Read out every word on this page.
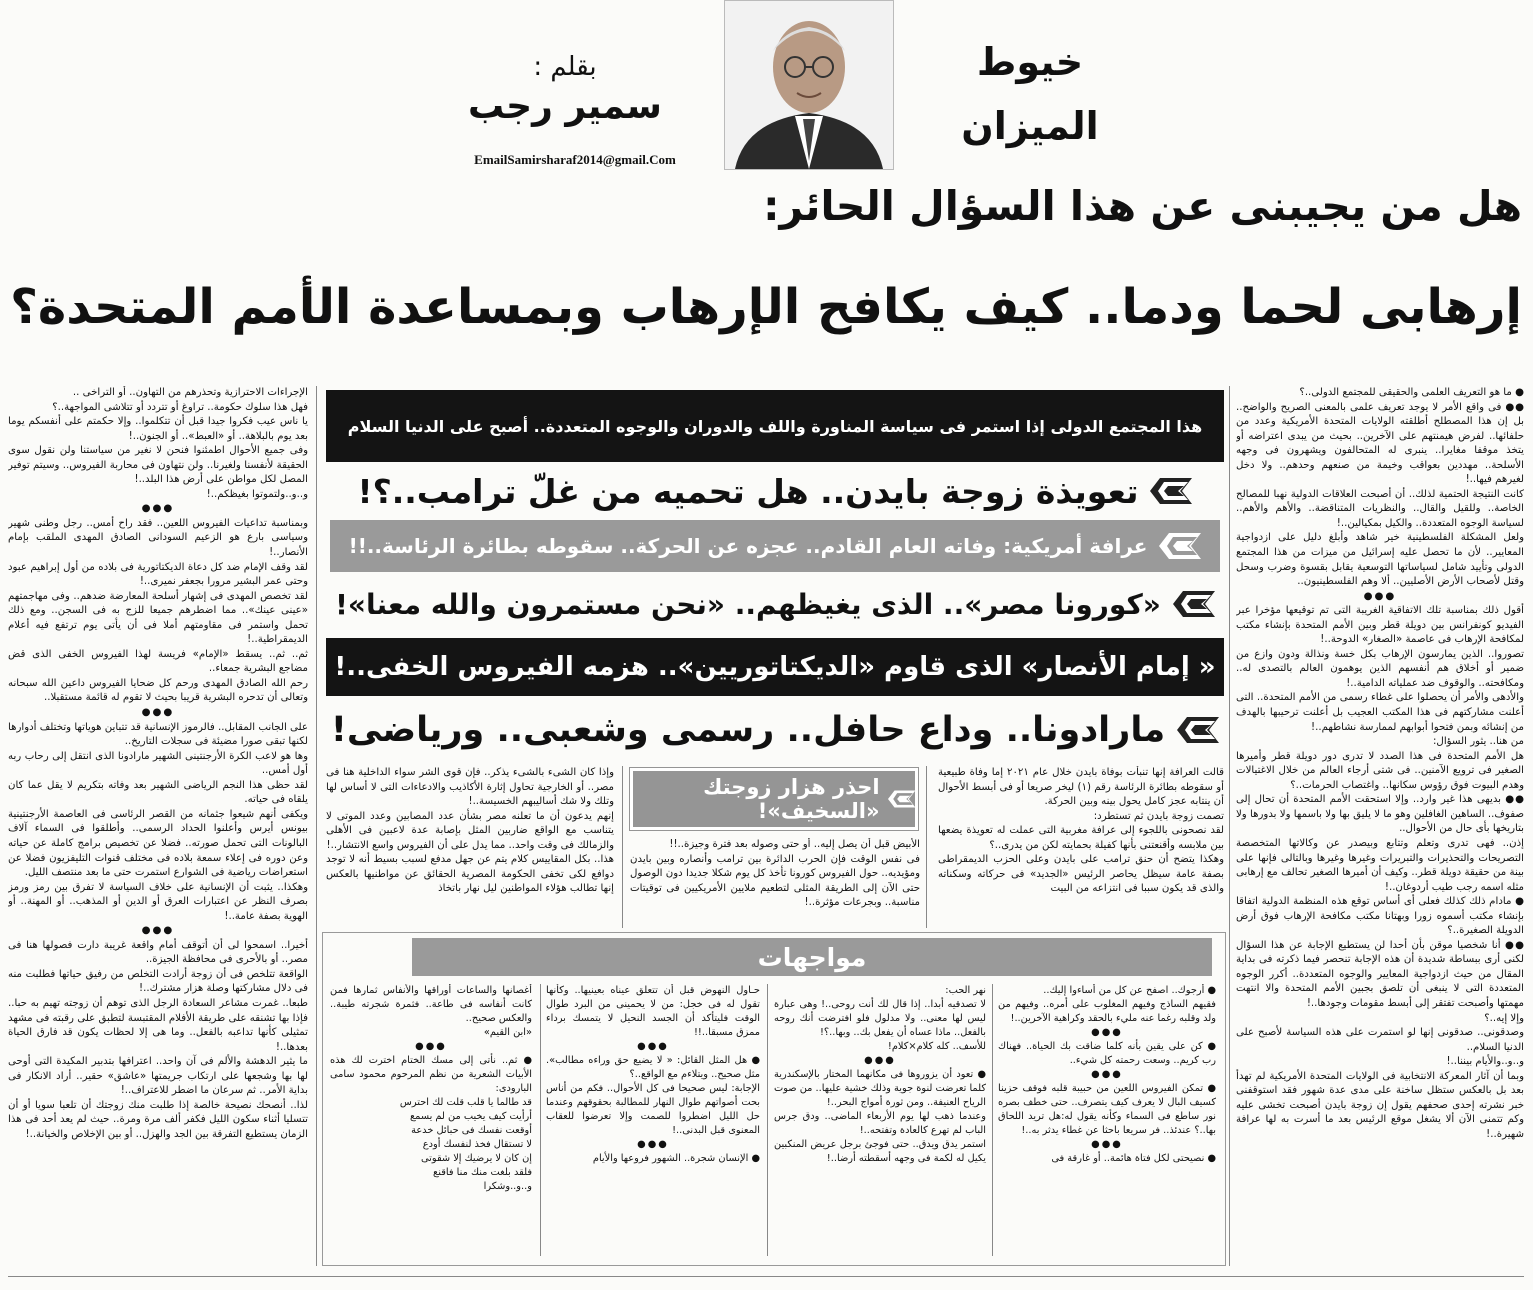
خيوط
الميزان
بقلم :
سمير رجب
EmailSamirsharaf2014@gmail.Com
هل من يجيبنى عن هذا السؤال الحائر:
إرهابى لحما ودما.. كيف يكافح الإرهاب وبمساعدة الأمم المتحدة؟

● ما هو التعريف العلمى والحقيقى للمجتمع الدولى..؟

●● فى واقع الأمر لا يوجد تعريف علمى بالمعنى الصريح والواضح.. بل إن هذا المصطلح أطلقته الولايات المتحدة الأمريكية وعدد من حلفائها.. لفرض هيمنتهم على الآخرين.. بحيث من يبدى اعتراضه أو يتخذ موقفا مغايرا.. ينبرى له المتحالفون ويشهرون فى وجهه الأسلحة.. مهددين بعواقب وخيمة من صنعهم وحدهم.. ولا دخل لغيرهم فيها..!

كانت النتيجة الحتمية لذلك.. أن أصبحت العلاقات الدولية نهبا للمصالح الخاصة.. وللقيل والقال.. والنظريات المتناقضة.. والأهم والأهم.. لسياسة الوجوه المتعددة.. والكيل بمكيالين..!

ولعل المشكلة الفلسطينية خير شاهد وأبلغ دليل على ازدواجية المعايير.. لأن ما تحصل عليه إسرائيل من ميزات من هذا المجتمع الدولى وتأييد شامل لسياساتها التوسعية يقابل بقسوة وضرب وسحل وقتل لأصحاب الأرض الأصليين.. ألا وهم الفلسطينيون..

●●●

أقول ذلك بمناسبة تلك الاتفاقية الغريبة التى تم توقيعها مؤخرا عبر الفيديو كونفرانس بين دويلة قطر وبين الأمم المتحدة بإنشاء مكتب لمكافحة الإرهاب فى عاصمة «الصغار» الدوحة..!

تصوروا.. الذين يمارسون الإرهاب بكل خسة ونذالة ودون وازع من ضمير أو أخلاق هم أنفسهم الذين يوهمون العالم بالتصدى له.. ومكافحته.. والوقوف ضد عملياته الدامية..!

والأدهى والأمر أن يحصلوا على غطاء رسمى من الأمم المتحدة.. التى أعلنت مشاركتهم فى هذا المكتب العجيب بل أعلنت ترحيبها بالهدف من إنشائه وبمن فتحوا أبوابهم لممارسة نشاطهم..!

من هنا.. يثور السؤال:

هل الأمم المتحدة فى هذا الصدد لا تدرى دور دويلة قطر وأميرها الصغير فى ترويع الآمنين.. فى شتى أرجاء العالم من خلال الاغتيالات وهدم البيوت فوق رؤوس سكانها.. واغتصاب الحرمات..؟

●● بديهى هذا غير وارد.. وإلا استحقت الأمم المتحدة أن تحال إلى صفوف.. الساهين الغافلين وهو ما لا يليق بها ولا باسمها ولا بدورها ولا بتاريخها بأى حال من الأحوال..

إذن.. فهى تدرى وتعلم وتتابع وبيصدر عن وكالاتها المتخصصة التصريحات والتحذيرات والتبريرات وغيرها وغيرها وبالتالى فإنها على بينة من حقيقة دويلة قطر.. وكيف أن أميرها الصغير تحالف مع إرهابى مثله اسمه رجب طيب أردوغان..!

● مادام ذلك كذلك فعلى أى أساس توقع هذه المنظمة الدولية اتفاقا بإنشاء مكتب أسموه زورا وبهتانا مكتب مكافحة الإرهاب فوق أرض الدويلة الصغيرة..؟

●● أنا شخصيا موقن بأن أحدا لن يستطيع الإجابة عن هذا السؤال لكنى أرى ببساطة شديدة أن هذه الإجابة تنحصر فيما ذكرته فى بداية المقال من حيث ازدواجية المعايير والوجوه المتعددة.. أكرر الوجوه المتعددة التى لا ينبغى أن تلصق بجبين الأمم المتحدة والا انتهت مهمتها وأصبحت تفتقر إلى أبسط مقومات وجودها..!

وإلا إيه..؟

وصدقونى.. صدقونى إنها لو استمرت على هذه السياسة لأصبح على الدنيا السلام..

و..و..والأيام بيننا..!

وبما أن آثار المعركة الانتخابية فى الولايات المتحدة الأمريكية لم تهدأ بعد بل بالعكس ستظل ساخنة على مدى عدة شهور فقد استوقفنى خبر نشرته إحدى صحفهم يقول إن زوجة بايدن أصبحت تخشى عليه وكم تتمنى الآن ألا يشغل موقع الرئيس بعد ما أسرت به لها عرافة شهيرة..!

الإجراءات الاحترازية وتحذرهم من التهاون.. أو التراخى ..

فهل هذا سلوك حكومة.. تراوغ أو تتردد أو تتلاشى المواجهة..؟

يا ناس عيب فكروا جيدا قبل أن تتكلموا.. وإلا حكمتم على أنفسكم يوما بعد يوم بالبلاهة.. أو «العبط».. أو الجنون..!

وفى جميع الأحوال اطمئنوا فنحن لا نغير من سياستنا ولن نقول سوى الحقيقة لأنفسنا ولغيرنا.. ولن نتهاون فى محاربة الفيروس.. وسيتم توفير المصل لكل مواطن على أرض هذا البلد..!

و..و..ولتموتوا بغيظكم..!

●●●

وبمناسبة تداعيات الفيروس اللعين.. فقد راح أمس.. رجل وطنى شهير وسياسى بارع هو الزعيم السودانى الصادق المهدى الملقب بإمام الأنصار..!

لقد وقف الإمام ضد كل دعاة الديكتاتورية فى بلاده من أول إبراهيم عبود وحتى عمر البشير مرورا بجعفر نميرى..!

لقد تخصص المهدى فى إشهار أسلحة المعارضة ضدهم.. وفى مهاجمتهم «عينى عينك».. مما اضطرهم جميعا للزج به فى السجن.. ومع ذلك تحمل واستمر فى مقاومتهم أملا فى أن يأتى يوم ترتفع فيه أعلام الديمقراطية..!

ثم.. ثم.. يسقط «الإمام» فريسة لهذا الفيروس الخفى الذى قض مضاجع البشرية جمعاء..

رحم الله الصادق المهدى ورحم كل ضحايا الفيروس داعين الله سبحانه وتعالى أن تدحره البشرية قريبا بحيث لا تقوم له قائمة مستقبلا..

●●●

على الجانب المقابل.. فالرموز الإنسانية قد تتباين هوياتها وتختلف أدوارها لكنها تبقى صورا مضيئة فى سجلات التاريخ..

وها هو لاعب الكرة الأرجنتينى الشهير مارادونا الذى انتقل إلى رحاب ربه أول أمس..

لقد حظى هذا النجم الرياضى الشهير بعد وفاته بتكريم لا يقل عما كان يلقاه فى حياته.

ويكفى أنهم شيعوا جثمانه من القصر الرئاسى فى العاصمة الأرجنتينية بيونس أيرس وأعلنوا الحداد الرسمى.. وأطلقوا فى السماء آلاف البالونات التى تحمل صورته.. فضلا عن تخصيص برامج كاملة عن حياته وعن دوره فى إعلاء سمعة بلاده فى مختلف قنوات التليفزيون فضلا عن استعراضات رياضية فى الشوارع استمرت حتى ما بعد منتصف الليل.

وهكذا.. يثبت أن الإنسانية على خلاف السياسة لا تفرق بين رمز ورمز بصرف النظر عن اعتبارات العرق أو الدين أو المذهب.. أو المهنة.. أو الهوية بصفة عامة..!

●●●

أخيرا.. اسمحوا لى أن أتوقف أمام واقعة غريبة دارت فصولها هنا فى مصر.. أو بالأحرى فى محافظة الجيزة..

الواقعة تتلخص فى أن زوجة أرادت التخلص من رفيق حياتها فطلبت منه فى دلال مشاركتها وصلة هزار مشترك..!

طبعا.. غمرت مشاعر السعادة الرجل الذى توهم أن زوجته تهيم به حبا.. فإذا بها تشنقه على طريقة الأفلام المقتبسة لتطبق على رقبته فى مشهد تمثيلى كأنها تداعبه بالفعل.. وما هى إلا لحظات يكون قد فارق الحياة بعدها..!

ما يثير الدهشة والألم فى آن واحد.. اعترافها بتدبير المكيدة التى أوحى لها بها وشجعها على ارتكاب جريمتها «عاشق» حقير.. أراد الانكار فى بداية الأمر.. ثم سرعان ما اضطر للاعتراف..!

لذا.. أنصحك نصيحة خالصة إذا طلبت منك زوجتك أن تلعبا سويا أو أن تتسليا أثناء سكون الليل فكفر ألف مرة ومرة.. حيث لم يعد أحد فى هذا الزمان يستطيع التفرقة بين الجد والهزل.. أو بين الإخلاص والخيانة..!

هذا المجتمع الدولى إذا استمر فى سياسة المناورة واللف والدوران والوجوه المتعددة.. أصبح على الدنيا السلام
تعويذة زوجة بايدن.. هل تحميه من غلّ ترامب..؟!
عرافة أمريكية: وفاته العام القادم.. عجزه عن الحركة.. سقوطه بطائرة الرئاسة..!!
«كورونا مصر».. الذى يغيظهم.. «نحن مستمرون والله معنا»!
« إمام الأنصار» الذى قاوم «الديكتاتوريين».. هزمه الفيروس الخفى..!
مارادونا.. وداع حافل.. رسمى وشعبى.. ورياضى!

قالت العرافة إنها تنبأت بوفاة بايدن خلال عام ٢٠٢١ إما وفاة طبيعية أو سقوطه بطائرة الرئاسة رقم (١) ليخر صريعا أو فى أبسط الأحوال أن ينتابه عجز كامل يحول بينه وبين الحركة.

تصمت زوجة بايدن ثم تستطرد:

لقد نصحونى باللجوء إلى عرافة مغربية التى عملت له تعويذة يضعها بين ملابسه وأقنعتنى بأنها كفيلة بحمايته لكن من يدرى..؟

وهكذا يتضح أن حنق ترامب على بايدن وعلى الحزب الديمقراطى بصفة عامة سيظل يحاصر الرئيس «الجديد» فى حركاته وسكناته والذى قد يكون سببا فى انتزاعه من البيت

احذر هزار زوجتك «السخيف»!

الأبيض قبل أن يصل إليه.. أو حتى وصوله بعد فترة وجيزة..!!

فى نفس الوقت فإن الحرب الدائرة بين ترامب وأنصاره وبين بايدن ومؤيديه.. حول الفيروس كورونا تأخذ كل يوم شكلا جديدا دون الوصول حتى الآن إلى الطريقة المثلى لتطعيم ملايين الأمريكيين فى توقيتات مناسبة.. وبجرعات مؤثرة..!

وإذا كان الشىء بالشىء يذكر.. فإن قوى الشر سواء الداخلية هنا فى مصر.. أو الخارجية تحاول إثارة الأكاذيب والادعاءات التى لا أساس لها وتلك ولا شك أساليبهم الخسيسة..!

إنهم يدعون أن ما تعلنه مصر بشأن عدد المصابين وعدد الموتى لا يتناسب مع الواقع ضاربين المثل بإصابة عدة لاعبين فى الأهلى والزمالك فى وقت واحد.. مما يدل على أن الفيروس واسع الانتشار..!

هذا.. بكل المقاييس كلام يتم عن جهل مدفع لسبب بسيط أنه لا توجد دوافع لكى تخفى الحكومة المصرية الحقائق عن مواطنيها بالعكس إنها تطالب هؤلاء المواطنين ليل نهار باتخاذ

مواجهات

● أرجوك.. اصفح عن كل من أساءوا إليك..

فقيهم الساذج وفيهم المغلوب على أمره.. وفيهم من ولد وقلبه رغما عنه مليء بالحقد وكراهية الآخرين..!

●●●

● كن على يقين بأنه كلما ضاقت بك الحياة.. فهناك رب كريم.. وسعت رحمته كل شيء..

●●●

● تمكن الفيروس اللعين من حبيبة قلبه فوقف حزينا كسيف البال لا يعرف كيف يتصرف.. حتى خطف بصره نور ساطع فى السماء وكأنه يقول له:هل تريد اللحاق بها..؟ عندئذ.. فر سريعا باحثا عن غطاء يدثر به..!

●●●

● نصيحتى لكل فتاة هائمة.. أو غارقة فى

نهر الحب:

لا تصدقيه أبدا.. إذا قال لك أنت روحى..! وهى عبارة ليس لها معنى.. ولا مدلول فلو افترضت أنك روحه بالفعل.. ماذا عساه أن يفعل بك.. وبها..؟!

للأسف.. كله كلام×كلام!

●●●

● تعود أن يزوروها فى مكانهما المختار بالإسكندرية كلما تعرضت لنوة جوية وذلك خشية عليها.. من صوت الرياح العنيفة.. ومن ثورة أمواج البحر..!

وعندما ذهب لها يوم الأربعاء الماضى.. ودق جرس الباب لم تهرع كالعادة وتفتحه..!

استمر يدق ويدق.. حتى فوجئ برجل عريض المنكبين يكيل له لكمة فى وجهه أسقطته أرضا..!

حـاول النهوض قبل أن تتعلق عيناه بعينيها.. وكأنها تقول له فى خجل: من لا يحمينى من البرد طوال الوقت فليتأكد أن الجسد النحيل لا يتمسك برداء ممزق مسبقا..!!

●●●

● هل المثل القائل: « لا يضيع حق وراءه مطالب». مثل صحيح.. ويتلاءم مع الواقع..؟

الإجابة: ليس صحيحا فى كل الأحوال.. فكم من أناس بحت أصواتهم طوال النهار للمطالبة بحقوقهم وعندما حل الليل اضطروا للصمت وإلا تعرضوا للعقاب المعنوى قبل البدنى..!

●●●

● الإنسان شجرة.. الشهور فروعها والأيام

أغصانها والساعات أوراقها والأنفاس ثمارها فمن كانت أنفاسه فى طاعة.. فثمرة شجرته طيبة.. والعكس صحيح..

«ابن القيم»

●●●

● ثم.. نأتى إلى مسك الختام اخترت لك هذه الأبيات الشعرية من نظم المرحوم محمود سامى البارودى:

قد طالما يا قلب قلت لك احترس

أرأيت كيف يخيب من لم يسمع

أوقعت نفسك فى حبائل خدعة

لا تستقال فخذ لنفسك أودع

إن كان لا يرضيك إلا شقوتى

فلقد بلغت منك منا فاقنع

و..و..وشكرا
